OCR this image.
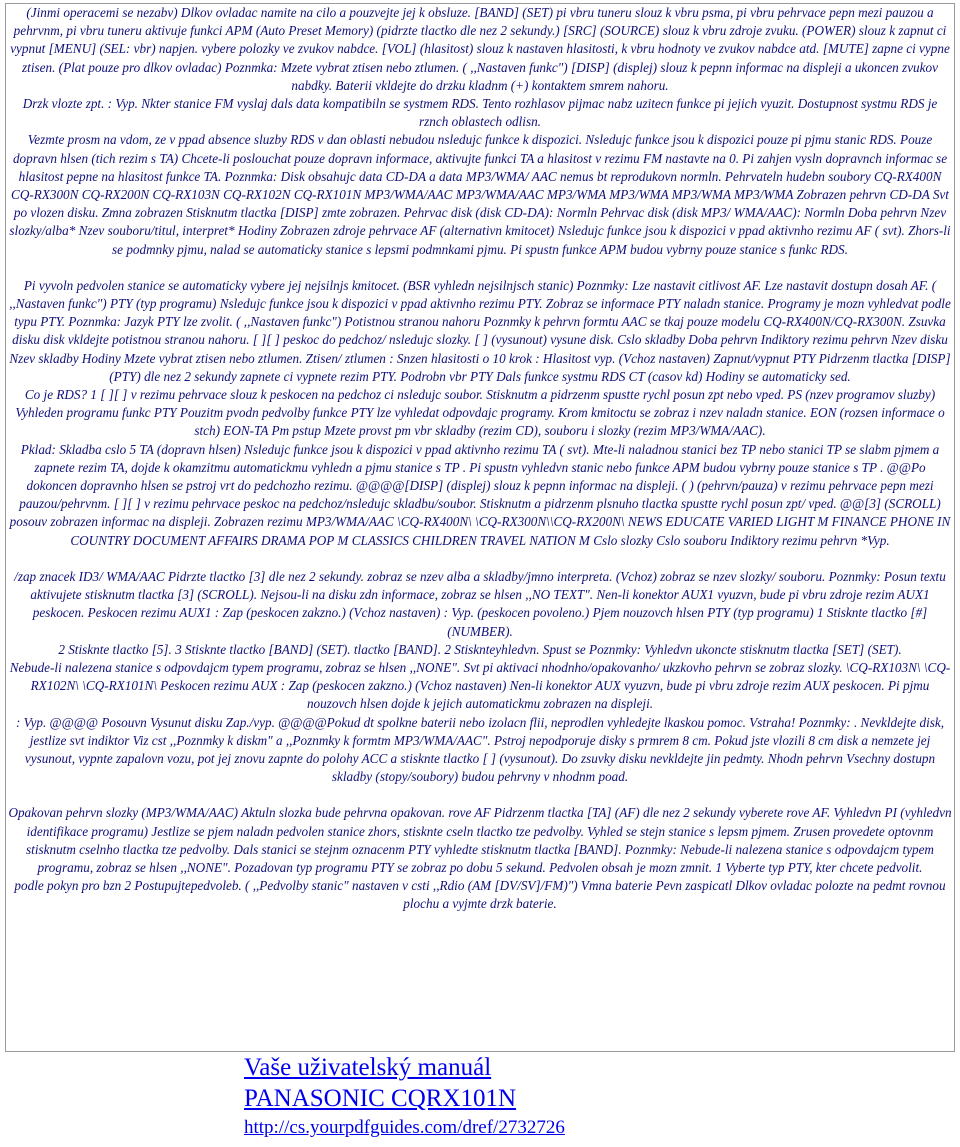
(Jinmi operacemi se nezabv) Dlkov ovladac namite na cilo a pouzvejte jej k obsluze. [BAND] (SET) pi vbru tuneru slouz k vbru psma, pi vbru pehrvace pepn mezi pauzou a pehrvnm, pi vbru tuneru aktivuje funkci APM (Auto Preset Memory) (pidrzte tlactko dle nez 2 sekundy.) [SRC] (SOURCE) slouz k vbru zdroje zvuku. (POWER) slouz k zapnut ci vypnut [MENU] (SEL: vbr) napjen. vybere polozky ve zvukov nabdce. [VOL] (hlasitost) slouz k nastaven hlasitosti, k vbru hodnoty ve zvukov nabdce atd. [MUTE] zapne ci vypne ztisen. (Plat pouze pro dlkov ovladac) Poznmka: Mzete vybrat ztisen nebo ztlumen. ( ,,Nastaven funkc") [DISP] (displej) slouz k pepnn informac na displeji a ukoncen zvukov nabdky. Baterii vkldejte do drzku kladnm (+) kontaktem smrem nahoru.

Drzk vlozte zpt. : Vyp. Nkter stanice FM vyslaj dals data kompatibiln se systmem RDS. Tento rozhlasov pijmac nabz uzitecn funkce pi jejich vyuzit. Dostupnost systmu RDS je rznch oblastech odlisn.

Vezmte prosm na vdom, ze v ppad absence sluzby RDS v dan oblasti nebudou nsledujc funkce k dispozici. Nsledujc funkce jsou k dispozici pouze pi pjmu stanic RDS. Pouze dopravn hlsen (tich rezim s TA) Chcete-li poslouchat pouze dopravn informace, aktivujte funkci TA a hlasitost v rezimu FM nastavte na 0. Pi zahjen vysln dopravnch informac se hlasitost pepne na hlasitost funkce TA. Poznmka: Disk obsahujc data CD-DA a data MP3/WMA/ AAC nemus bt reprodukovn normln. Pehrvateln hudebn soubory CQ-RX400N CQ-RX300N CQ-RX200N CQ-RX103N CQ-RX102N CQ-RX101N MP3/WMA/AAC MP3/WMA/AAC MP3/WMA MP3/WMA MP3/WMA MP3/WMA Zobrazen pehrvn CD-DA Svt po vlozen disku. Zmna zobrazen Stisknutm tlactka [DISP] zmte zobrazen. Pehrvac disk (disk CD-DA): Normln Pehrvac disk (disk MP3/ WMA/AAC): Normln Doba pehrvn Nzev slozky/alba* Nzev souboru/titul, interpret* Hodiny Zobrazen zdroje pehrvace AF (alternativn kmitocet) Nsledujc funkce jsou k dispozici v ppad aktivnho rezimu AF ( svt). Zhors-li se podmnky pjmu, nalad se automaticky stanice s lepsmi podmnkami pjmu. Pi spustn funkce APM budou vybrny pouze stanice s funkc RDS.

Pi vyvoln pedvolen stanice se automaticky vybere jej nejsilnjs kmitocet. (BSR vyhledn nejsilnjsch stanic) Poznmky: Lze nastavit citlivost AF. Lze nastavit dostupn dosah AF. ( ,,Nastaven funkc") PTY (typ programu) Nsledujc funkce jsou k dispozici v ppad aktivnho rezimu PTY. Zobraz se informace PTY naladn stanice. Programy je mozn vyhledvat podle typu PTY. Poznmka: Jazyk PTY lze zvolit. ( ,,Nastaven funkc") Potistnou stranou nahoru Poznmky k pehrvn formtu AAC se tkaj pouze modelu CQ-RX400N/CQ-RX300N. Zsuvka disku disk vkldejte potistnou stranou nahoru. [ ][ ] peskoc do pedchoz/ nsledujc slozky. [ ] (vysunout) vysune disk. Cslo skladby Doba pehrvn Indiktory rezimu pehrvn Nzev disku Nzev skladby Hodiny Mzete vybrat ztisen nebo ztlumen. Ztisen/ ztlumen : Snzen hlasitosti o 10 krok : Hlasitost vyp. (Vchoz nastaven) Zapnut/vypnut PTY Pidrzenm tlactka [DISP] (PTY) dle nez 2 sekundy zapnete ci vypnete rezim PTY. Podrobn vbr PTY Dals funkce systmu RDS CT (casov kd) Hodiny se automaticky sed.

Co je RDS? 1 [ ][ ] v rezimu pehrvace slouz k peskocen na pedchoz ci nsledujc soubor. Stisknutm a pidrzenm spustte rychl posun zpt nebo vped. PS (nzev programov sluzby) Vyhleden programu funkc PTY Pouzitm pvodn pedvolby funkce PTY lze vyhledat odpovdajc programy. Krom kmitoctu se zobraz i nzev naladn stanice. EON (rozsen informace o stch) EON-TA Pm pstup Mzete provst pm vbr skladby (rezim CD), souboru i slozky (rezim MP3/WMA/AAC).

Pklad: Skladba cslo 5 TA (dopravn hlsen) Nsledujc funkce jsou k dispozici v ppad aktivnho rezimu TA ( svt). Mte-li naladnou stanici bez TP nebo stanici TP se slabm pjmem a zapnete rezim TA, dojde k okamzitmu automatickmu vyhledn a pjmu stanice s TP . Pi spustn vyhledvn stanic nebo funkce APM budou vybrny pouze stanice s TP . @@Po dokoncen dopravnho hlsen se pstroj vrt do pedchozho rezimu. @@@@[DISP] (displej) slouz k pepnn informac na displeji. ( ) (pehrvn/pauza) v rezimu pehrvace pepn mezi pauzou/pehrvnm. [ ][ ] v rezimu pehrvace peskoc na pedchoz/nsledujc skladbu/soubor. Stisknutm a pidrzenm plsnuho tlactka spustte rychl posun zpt/ vped. @@[3] (SCROLL) posouv zobrazen informac na displeji. Zobrazen rezimu MP3/WMA/AAC \CQ-RX400N\ \CQ-RX300N\\CQ-RX200N\ NEWS EDUCATE VARIED LIGHT M FINANCE PHONE IN COUNTRY DOCUMENT AFFAIRS DRAMA POP M CLASSICS CHILDREN TRAVEL NATION M Cslo slozky Cslo souboru Indiktory rezimu pehrvn *Vyp.

/zap znacek ID3/ WMA/AAC Pidrzte tlactko [3] dle nez 2 sekundy. zobraz se nzev alba a skladby/jmno interpreta. (Vchoz) zobraz se nzev slozky/ souboru. Poznmky: Posun textu aktivujete stisknutm tlactka [3] (SCROLL). Nejsou-li na disku zdn informace, zobraz se hlsen ,,NO TEXT". Nen-li konektor AUX1 vyuzvn, bude pi vbru zdroje rezim AUX1 peskocen. Peskocen rezimu AUX1 : Zap (peskocen zakzno.) (Vchoz nastaven) : Vyp. (peskocen povoleno.) Pjem nouzovch hlsen PTY (typ programu) 1 Stisknte tlactko [#] (NUMBER).

2 Stisknte tlactko [5]. 3 Stisknte tlactko [BAND] (SET). tlactko [BAND]. 2 Stisknteyhledvn. Spust se Poznmky: Vyhledvn ukoncte stisknutm tlactka [SET] (SET).

Nebude-li nalezena stanice s odpovdajcm typem programu, zobraz se hlsen ,,NONE". Svt pi aktivaci nhodnho/opakovanho/ ukzkovho pehrvn se zobraz slozky. \CQ-RX103N\ \CQ-RX102N\ \CQ-RX101N\ Peskocen rezimu AUX : Zap (peskocen zakzno.) (Vchoz nastaven) Nen-li konektor AUX vyuzvn, bude pi vbru zdroje rezim AUX peskocen. Pi pjmu nouzovch hlsen dojde k jejich automatickmu zobrazen na displeji.

: Vyp. @@@@ Posouvn Vysunut disku Zap./vyp. @@@@Pokud dt spolkne baterii nebo izolacn flii, neprodlen vyhledejte lkaskou pomoc. Vstraha! Poznmky: . Nevkldejte disk, jestlize svt indiktor Viz cst ,,Poznmky k diskm" a ,,Poznmky k formtm MP3/WMA/AAC". Pstroj nepodporuje disky s prmrem 8 cm. Pokud jste vlozili 8 cm disk a nemzete jej vysunout, vypnte zapalovn vozu, pot jej znovu zapnte do polohy ACC a stisknte tlactko [ ] (vysunout). Do zsuvky disku nevkldejte jin pedmty. Nhodn pehrvn Vsechny dostupn skladby (stopy/soubory) budou pehrvny v nhodnm poad.

Opakovan pehrvn slozky (MP3/WMA/AAC) Aktuln slozka bude pehrvna opakovan. rove AF Pidrzenm tlactka [TA] (AF) dle nez 2 sekundy vyberete rove AF. Vyhledvn PI (vyhledvn identifikace programu) Jestlize se pjem naladn pedvolen stanice zhors, stisknte cseln tlactko tze pedvolby. Vyhled se stejn stanice s lepsm pjmem. Zrusen provedete optovnm stisknutm cselnho tlactka tze pedvolby. Dals stanici se stejnm oznacenm PTY vyhledte stisknutm tlactka [BAND]. Poznmky: Nebude-li nalezena stanice s odpovdajcm typem programu, zobraz se hlsen ,,NONE". Pozadovan typ programu PTY se zobraz po dobu 5 sekund. Pedvolen obsah je mozn zmnit. 1 Vyberte typ PTY, kter chcete pedvolit.

podle pokyn pro bzn 2 Postupujtepedvoleb. ( ,,Pedvolby stanic" nastaven v csti ,,Rdio (AM [DV/SV]/FM)") Vmna baterie Pevn zaspicatl Dlkov ovladac polozte na pedmt rovnou plochu a vyjmte drzk baterie.

Vaše uživatelský manuál
PANASONIC CQRX101N
http://cs.yourpdfguides.com/dref/2732726
